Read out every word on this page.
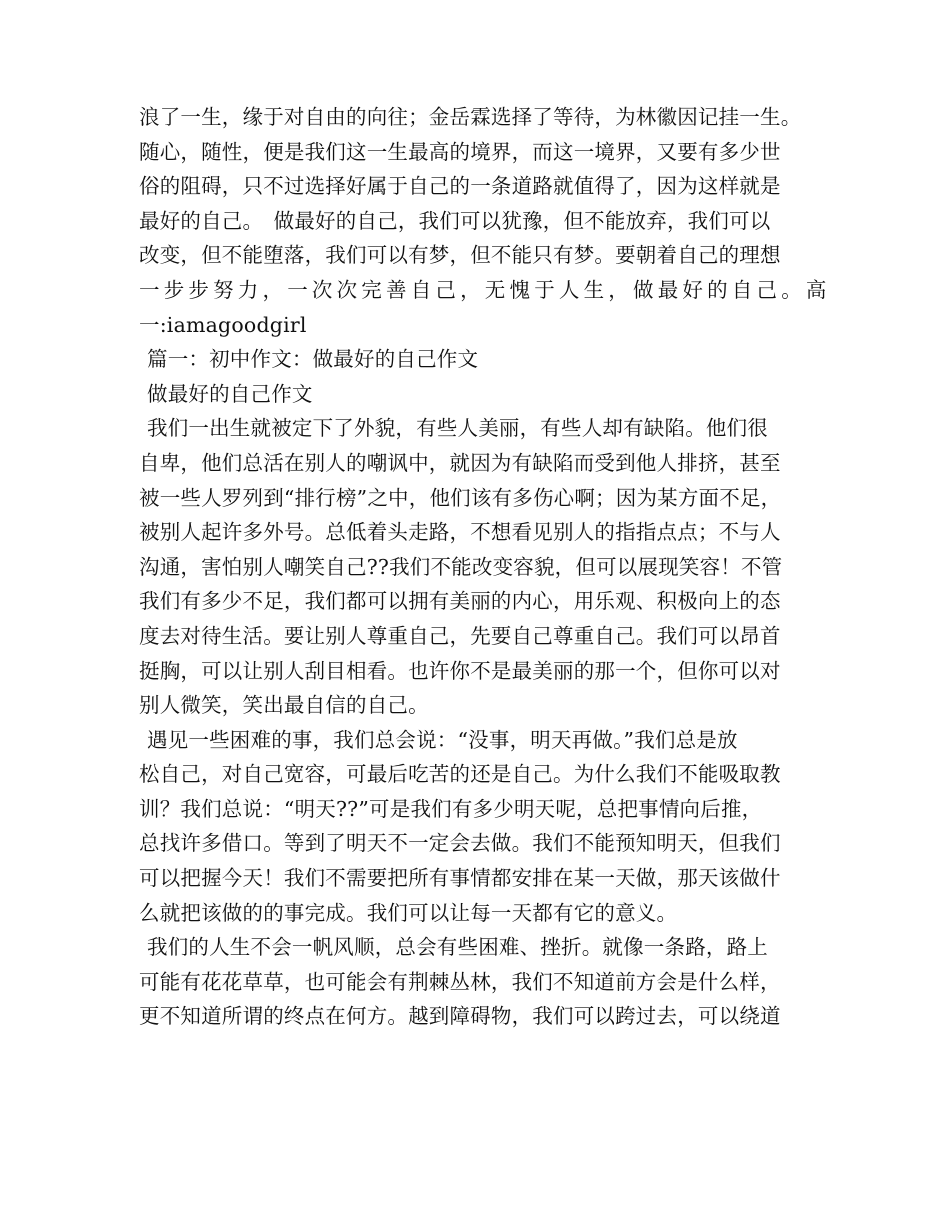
浪了一生，缘于对自由的向往；金岳霖选择了等待，为林徽因记挂一生。
随心，随性，便是我们这一生最高的境界，而这一境界，又要有多少世
俗的阻碍，只不过选择好属于自己的一条道路就值得了，因为这样就是
最好的自己。　做最好的自己，我们可以犹豫，但不能放弃，我们可以
改变，但不能堕落，我们可以有梦，但不能只有梦。要朝着自己的理想
一步步努力，一次次完善自己，无愧于人生，做最好的自己。高
一:iamagoodgirl
篇一：初中作文：做最好的自己作文
做最好的自己作文
我们一出生就被定下了外貌，有些人美丽，有些人却有缺陷。他们很
自卑，他们总活在别人的嘲讽中，就因为有缺陷而受到他人排挤，甚至
被一些人罗列到“排行榜”之中，他们该有多伤心啊；因为某方面不足，
被别人起许多外号。总低着头走路，不想看见别人的指指点点；不与人
沟通，害怕别人嘲笑自己??我们不能改变容貌，但可以展现笑容！不管
我们有多少不足，我们都可以拥有美丽的内心，用乐观、积极向上的态
度去对待生活。要让别人尊重自己，先要自己尊重自己。我们可以昂首
挺胸，可以让别人刮目相看。也许你不是最美丽的那一个，但你可以对
别人微笑，笑出最自信的自己。
遇见一些困难的事，我们总会说：“没事，明天再做。”我们总是放
松自己，对自己宽容，可最后吃苦的还是自己。为什么我们不能吸取教
训？我们总说：“明天??”可是我们有多少明天呢，总把事情向后推，
总找许多借口。等到了明天不一定会去做。我们不能预知明天，但我们
可以把握今天！我们不需要把所有事情都安排在某一天做，那天该做什
么就把该做的的事完成。我们可以让每一天都有它的意义。
我们的人生不会一帆风顺，总会有些困难、挫折。就像一条路，路上
可能有花花草草，也可能会有荆棘丛林，我们不知道前方会是什么样，
更不知道所谓的终点在何方。越到障碍物，我们可以跨过去，可以绕道
